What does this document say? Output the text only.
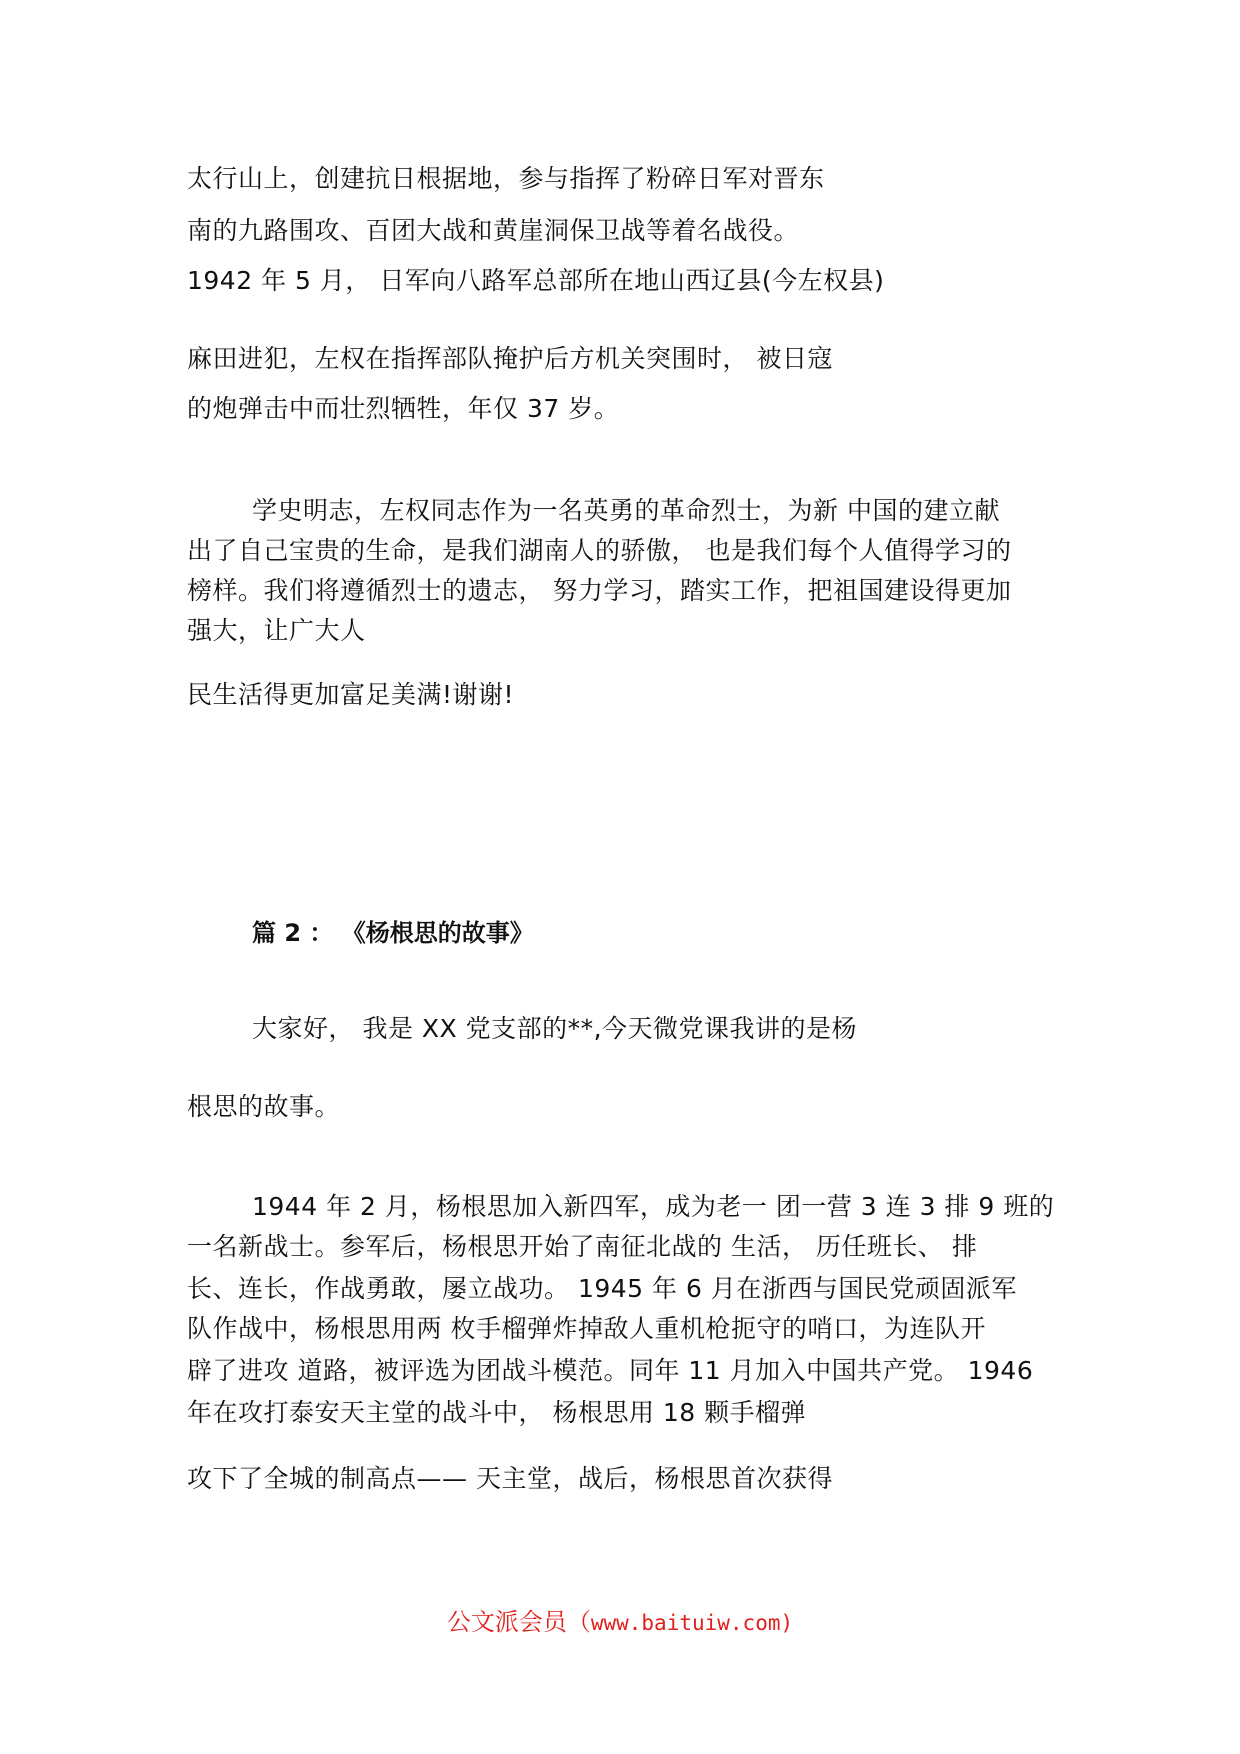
太行山上，创建抗日根据地，参与指挥了粉碎日军对晋东
南的九路围攻、百团大战和黄崖洞保卫战等着名战役。
1942 年 5 月， 日军向八路军总部所在地山西辽县(今左权县)
麻田进犯，左权在指挥部队掩护后方机关突围时， 被日寇
的炮弹击中而壮烈牺牲，年仅 37 岁。
学史明志，左权同志作为一名英勇的革命烈士，为新 中国的建立献
出了自己宝贵的生命，是我们湖南人的骄傲， 也是我们每个人值得学习的
榜样。我们将遵循烈士的遗志， 努力学习，踏实工作，把祖国建设得更加
强大，让广大人
民生活得更加富足美满!谢谢!
篇 2 ： 《杨根思的故事》
大家好， 我是 XX 党支部的**,今天微党课我讲的是杨
根思的故事。
1944 年 2 月，杨根思加入新四军，成为老一 团一营 3 连 3 排 9 班的
一名新战士。参军后，杨根思开始了南征北战的 生活， 历任班长、 排
长、连长，作战勇敢，屡立战功。 1945 年 6 月在浙西与国民党顽固派军
队作战中，杨根思用两 枚手榴弹炸掉敌人重机枪扼守的哨口，为连队开
辟了进攻 道路，被评选为团战斗模范。同年 11 月加入中国共产党。 1946
年在攻打泰安天主堂的战斗中， 杨根思用 18 颗手榴弹
攻下了全城的制高点—— 天主堂，战后，杨根思首次获得
公文派会员（www.baituiw.com)
